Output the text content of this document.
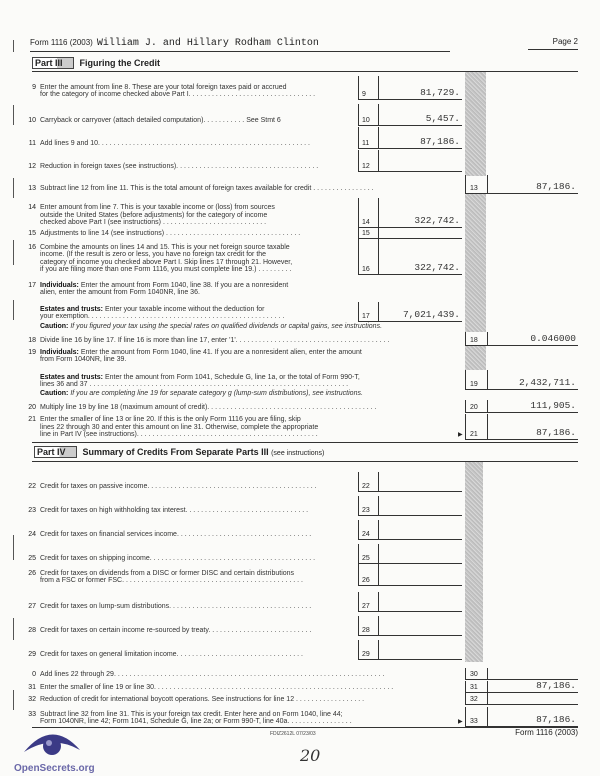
Form 1116 (2003) William J. and Hillary Rodham Clinton	Page 2
Part III Figuring the Credit
Part IV Summary of Credits From Separate Parts III (see instructions)
9 Enter the amount from line 8. These are your total foreign taxes paid or accrued
for the category of income checked above Part I. . . . . . . . . . . . . . . . . . . . . . . . . . . . . . . . .	9	81,729.
10 Carryback or carryover (attach detailed computation). . . . . . . . . . . See Stmt 6	10	5,457.
11 Add lines 9 and 10. . . . . . . . . . . . . . . . . . . . . . . . . . . . . . . . . . . . . . . . . . . . . . . . . . . . . . .	11	87,186.
12 Reduction in foreign taxes (see instructions). . . . . . . . . . . . . . . . . . . . . . . . . . . . . . . . . . . . .	12
13 Subtract line 12 from line 11. This is the total amount of foreign taxes available for credit . . . . . . . . . . . . . . . .	13	87,186.
14 Enter amount from line 7. This is your taxable income or (loss) from sources
outside the United States (before adjustments) for the category of income
checked above Part I (see instructions) . . . . . . . . . . . . . . . . . . . . . . . . . . .	14	322,742.
15 Adjustments to line 14 (see instructions) . . . . . . . . . . . . . . . . . . . . . . . . . . . . . . . . . . .	15
16 Combine the amounts on lines 14 and 15. This is your net foreign source taxable
income. (If the result is zero or less, you have no foreign tax credit for the
category of income you checked above Part I. Skip lines 17 through 21. However,
if you are filing more than one Form 1116, you must complete line 19.) . . . . . . . . .	16	322,742.
17 Individuals: Enter the amount from Form 1040, line 38. If you are a nonresident
alien, enter the amount from Form 1040NR, line 36.
Estates and trusts: Enter your taxable income without the deduction for
your exemption. . . . . . . . . . . . . . . . . . . . . . . . . . . . . . . . . . . . . . . . . . . . . . . . . . .	17	7,021,439.
Caution: If you figured your tax using the special rates on qualified dividends or capital gains, see instructions.
18 Divide line 16 by line 17. If line 16 is more than line 17, enter '1'. . . . . . . . . . . . . . . . . . . . . . . . . . . . . . . . . . . . . . . .	18	0.046000
19 Individuals: Enter the amount from Form 1040, line 41. If you are a nonresident alien, enter the amount
from Form 1040NR, line 39.
Estates and trusts: Enter the amount from Form 1041, Schedule G, line 1a, or the total of Form 990-T,
lines 36 and 37 . . . . . . . . . . . . . . . . . . . . . . . . . . . . . . . . . . . . . . . . . . . . . . . . . . . . . . . . . . . . . . . . . . .	19	2,432,711.
Caution: If you are completing line 19 for separate category g (lump-sum distributions), see instructions.
20 Multiply line 19 by line 18 (maximum amount of credit). . . . . . . . . . . . . . . . . . . . . . . . . . . . . . . . . . . . . . . . . . . .	20	111,905.
21 Enter the smaller of line 13 or line 20. If this is the only Form 1116 you are filing, skip
lines 22 through 30 and enter this amount on line 31. Otherwise, complete the appropriate
line in Part IV (see instructions). . . . . . . . . . . . . . . . . . . . . . . . . . . . . . . . . . . . . . . . . . . . . . .	21	87,186.
▶
22 Credit for taxes on passive income. . . . . . . . . . . . . . . . . . . . . . . . . . . . . . . . . . . . . . . . . . . .	22
23 Credit for taxes on high withholding tax interest. . . . . . . . . . . . . . . . . . . . . . . . . . . . . . . .	23
24 Credit for taxes on financial services income. . . . . . . . . . . . . . . . . . . . . . . . . . . . . . . . . . .	24
25 Credit for taxes on shipping income. . . . . . . . . . . . . . . . . . . . . . . . . . . . . . . . . . . . . . . . . . .	25
26 Credit for taxes on dividends from a DISC or former DISC and certain distributions
from a FSC or former FSC. . . . . . . . . . . . . . . . . . . . . . . . . . . . . . . . . . . . . . . . . . . . . . .	26
27 Credit for taxes on lump-sum distributions. . . . . . . . . . . . . . . . . . . . . . . . . . . . . . . . . . . . .	27
28 Credit for taxes on certain income re-sourced by treaty. . . . . . . . . . . . . . . . . . . . . . . . . . .	28
29 Credit for taxes on general limitation income. . . . . . . . . . . . . . . . . . . . . . . . . . . . . . . . .	29
0 Add lines 22 through 29. . . . . . . . . . . . . . . . . . . . . . . . . . . . . . . . . . . . . . . . . . . . . . . . . . . . . . . . . . . . . . . . . . . . . .	30
31 Enter the smaller of line 19 or line 30. . . . . . . . . . . . . . . . . . . . . . . . . . . . . . . . . . . . . . . . . . . . . . . . . . . . . . . . . . . . . .	31	87,186.
32 Reduction of credit for international boycott operations. See instructions for line 12 . . . . . . . . . . . . . . . . . .	32
33 Subtract line 32 from line 31. This is your foreign tax credit. Enter here and on Form 1040, line 44;
Form 1040NR, line 42; Form 1041, Schedule G, line 2a; or Form 990-T, line 40a. . . . . . . . . . . . . . . . .	33	87,186.
▶
FDIZ2612L 07/23/03	Form 1116 (2003)
20
OpenSecrets.org
